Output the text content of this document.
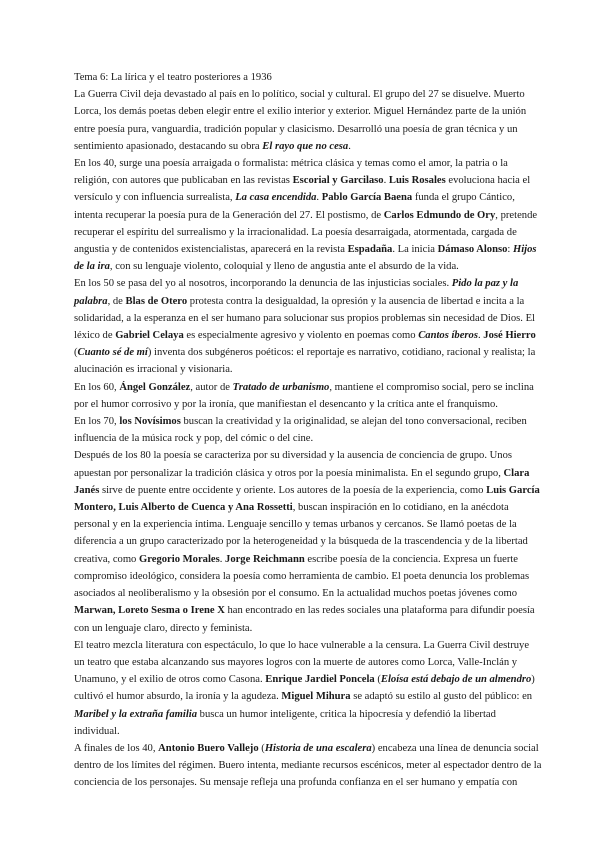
Tema 6: La lírica y el teatro posteriores a 1936

La Guerra Civil deja devastado al país en lo político, social y cultural. El grupo del 27 se disuelve. Muerto Lorca, los demás poetas deben elegir entre el exilio interior y exterior. Miguel Hernández parte de la unión entre poesía pura, vanguardia, tradición popular y clasicismo. Desarrolló una poesía de gran técnica y un sentimiento apasionado, destacando su obra El rayo que no cesa.

En los 40, surge una poesía arraigada o formalista: métrica clásica y temas como el amor, la patria o la religión, con autores que publicaban en las revistas Escorial y Garcilaso. Luis Rosales evoluciona hacia el versículo y con influencia surrealista, La casa encendida. Pablo García Baena funda el grupo Cántico, intenta recuperar la poesía pura de la Generación del 27. El postismo, de Carlos Edmundo de Ory, pretende recuperar el espíritu del surrealismo y la irracionalidad. La poesía desarraigada, atormentada, cargada de angustia y de contenidos existencialistas, aparecerá en la revista Espadaña. La inicia Dámaso Alonso: Hijos de la ira, con su lenguaje violento, coloquial y lleno de angustia ante el absurdo de la vida.

En los 50 se pasa del yo al nosotros, incorporando la denuncia de las injusticias sociales. Pido la paz y la palabra, de Blas de Otero protesta contra la desigualdad, la opresión y la ausencia de libertad e incita a la solidaridad, a la esperanza en el ser humano para solucionar sus propios problemas sin necesidad de Dios. El léxico de Gabriel Celaya es especialmente agresivo y violento en poemas como Cantos íberos. José Hierro (Cuanto sé de mí) inventa dos subgéneros poéticos: el reportaje es narrativo, cotidiano, racional y realista; la alucinación es irracional y visionaria.

En los 60, Ángel González, autor de Tratado de urbanismo, mantiene el compromiso social, pero se inclina por el humor corrosivo y por la ironía, que manifiestan el desencanto y la crítica ante el franquismo.

En los 70, los Novísimos buscan la creatividad y la originalidad, se alejan del tono conversacional, reciben influencia de la música rock y pop, del cómic o del cine.

Después de los 80 la poesía se caracteriza por su diversidad y la ausencia de conciencia de grupo. Unos apuestan por personalizar la tradición clásica y otros por la poesía minimalista. En el segundo grupo, Clara Janés sirve de puente entre occidente y oriente. Los autores de la poesía de la experiencia, como Luis García Montero, Luis Alberto de Cuenca y Ana Rossetti, buscan inspiración en lo cotidiano, en la anécdota personal y en la experiencia íntima. Lenguaje sencillo y temas urbanos y cercanos. Se llamó poetas de la diferencia a un grupo caracterizado por la heterogeneidad y la búsqueda de la trascendencia y de la libertad creativa, como Gregorio Morales. Jorge Reichmann escribe poesía de la conciencia. Expresa un fuerte compromiso ideológico, considera la poesía como herramienta de cambio. El poeta denuncia los problemas asociados al neoliberalismo y la obsesión por el consumo. En la actualidad muchos poetas jóvenes como Marwan, Loreto Sesma o Irene X han encontrado en las redes sociales una plataforma para difundir poesía con un lenguaje claro, directo y feminista.

El teatro mezcla literatura con espectáculo, lo que lo hace vulnerable a la censura. La Guerra Civil destruye un teatro que estaba alcanzando sus mayores logros con la muerte de autores como Lorca, Valle-Inclán y Unamuno, y el exilio de otros como Casona. Enrique Jardiel Poncela (Eloísa está debajo de un almendro) cultivó el humor absurdo, la ironía y la agudeza. Miguel Mihura se adaptó su estilo al gusto del público: en Maribel y la extraña familia busca un humor inteligente, critica la hipocresía y defendió la libertad individual.

A finales de los 40, Antonio Buero Vallejo (Historia de una escalera) encabeza una línea de denuncia social dentro de los límites del régimen. Buero intenta, mediante recursos escénicos, meter al espectador dentro de la conciencia de los personajes. Su mensaje refleja una profunda confianza en el ser humano y empatía con
